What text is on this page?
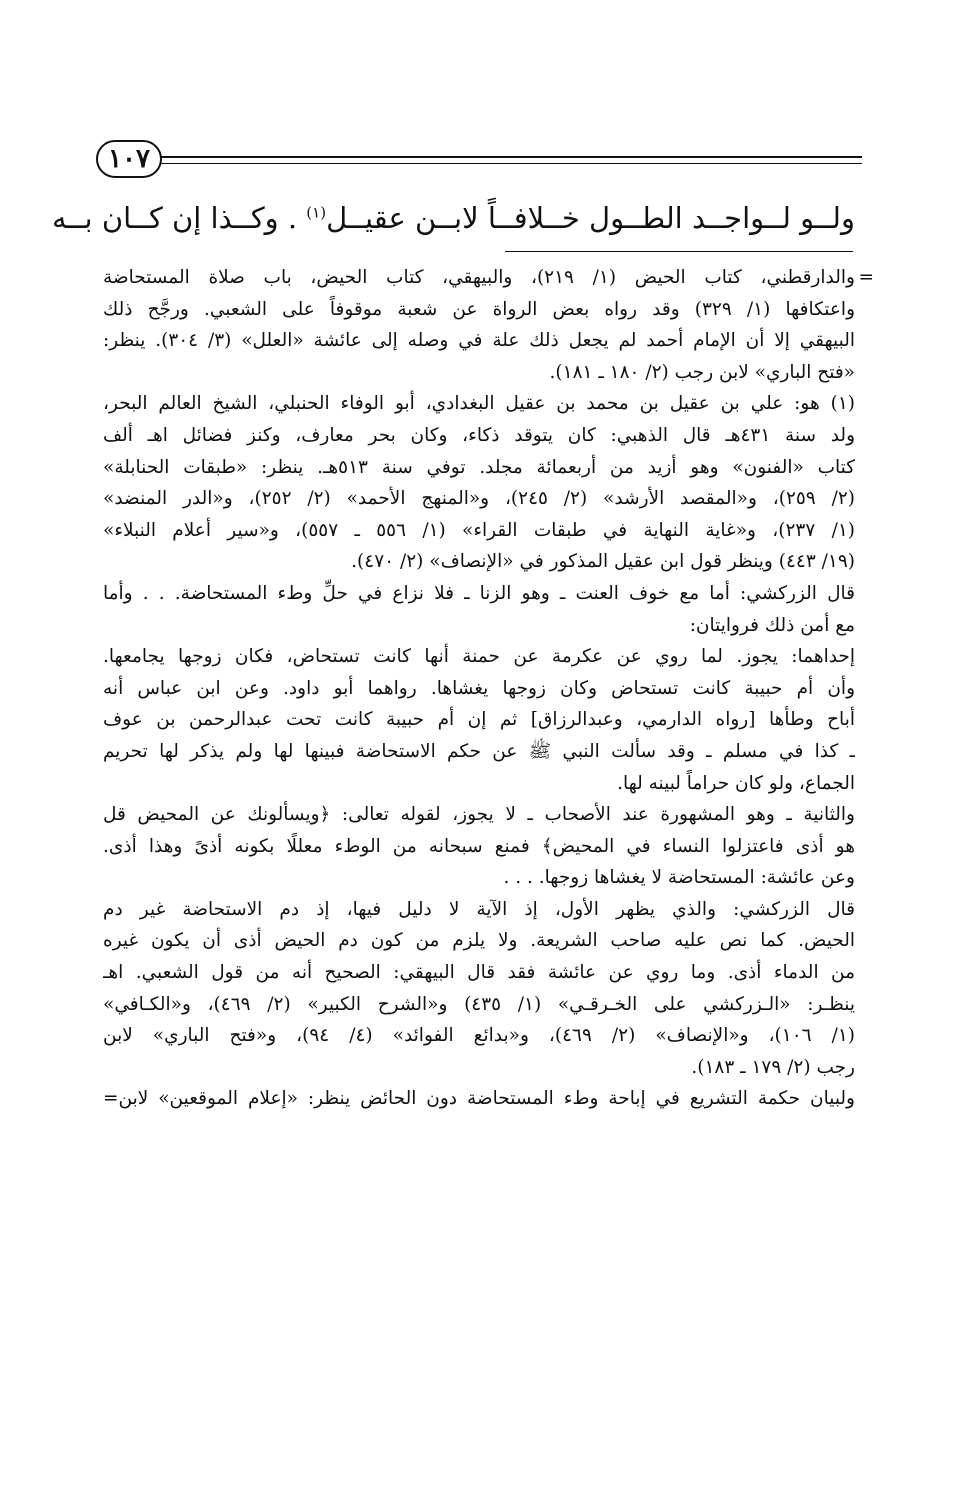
١٠٧
ولــو لــواجــد الطــول خــلافــاً لابــن عقيــل$^{(١)}$ . وكــذا إن كــان بــه
=
والدارقطني، كتاب الحيض (١/ ٢١٩)، والبيهقي، كتاب الحيض، باب صلاة المستحاضة
واعتكافها (١/ ٣٢٩) وقد رواه بعض الرواة عن شعبة موقوفاً على الشعبي. ورجَّح ذلك
البيهقي إلا أن الإمام أحمد لم يجعل ذلك علة في وصله إلى عائشة «العلل» (٣/ ٣٠٤). ينظر:
«فتح الباري» لابن رجب (٢/ ١٨٠ ـ ١٨١).
(١) هو: علي بن عقيل بن محمد بن عقيل البغدادي، أبو الوفاء الحنبلي، الشيخ العالم البحر،
ولد سنة ٤٣١هـ قال الذهبي: كان يتوقد ذكاء، وكان بحر معارف، وكنز فضائل اهـ ألف
كتاب «الفنون» وهو أزيد من أربعمائة مجلد. توفي سنة ٥١٣هـ. ينظر: «طبقات الحنابلة»
(٢/ ٢٥٩)، و«المقصد الأرشد» (٢/ ٢٤٥)، و«المنهج الأحمد» (٢/ ٢٥٢)، و«الدر المنضد»
(١/ ٢٣٧)، و«غاية النهاية في طبقات القراء» (١/ ٥٥٦ ـ ٥٥٧)، و«سير أعلام النبلاء»
(١٩/ ٤٤٣) وينظر قول ابن عقيل المذكور في «الإنصاف» (٢/ ٤٧٠).
قال الزركشي: أما مع خوف العنت ـ وهو الزنا ـ فلا نزاع في حلِّ وطء المستحاضة. . . وأما
مع أمن ذلك فروايتان:
إحداهما: يجوز. لما روي عن عكرمة عن حمنة أنها كانت تستحاض، فكان زوجها يجامعها.
وأن أم حبيبة كانت تستحاض وكان زوجها يغشاها. رواهما أبو داود. وعن ابن عباس أنه
أباح وطأها [رواه الدارمي، وعبدالرزاق] ثم إن أم حبيبة كانت تحت عبدالرحمن بن عوف
ـ كذا في مسلم ـ وقد سألت النبي ﷺ عن حكم الاستحاضة فبينها لها ولم يذكر لها تحريم
الجماع، ولو كان حراماً لبينه لها.
والثانية ـ وهو المشهورة عند الأصحاب ـ لا يجوز، لقوله تعالى: ﴿ويسألونك عن المحيض قل
هو أذى فاعتزلوا النساء في المحيض﴾ فمنع سبحانه من الوطء معللًا بكونه أذىً وهذا أذى.
وعن عائشة: المستحاضة لا يغشاها زوجها. . . .
قال الزركشي: والذي يظهر الأول، إذ الآية لا دليل فيها، إذ دم الاستحاضة غير دم
الحيض. كما نص عليه صاحب الشريعة. ولا يلزم من كون دم الحيض أذى أن يكون غيره
من الدماء أذى. وما روي عن عائشة فقد قال البيهقي: الصحيح أنه من قول الشعبي. اهـ
ينظـر: «الـزركشي على الخـرقـي» (١/ ٤٣٥) و«الشرح الكبير» (٢/ ٤٦٩)، و«الكـافي»
(١/ ١٠٦)، و«الإنصاف» (٢/ ٤٦٩)، و«بدائع الفوائد» (٤/ ٩٤)، و«فتح الباري» لابن
رجب (٢/ ١٧٩ ـ ١٨٣).
ولبيان حكمة التشريع في إباحة وطء المستحاضة دون الحائض ينظر: «إعلام الموقعين» لابن=
